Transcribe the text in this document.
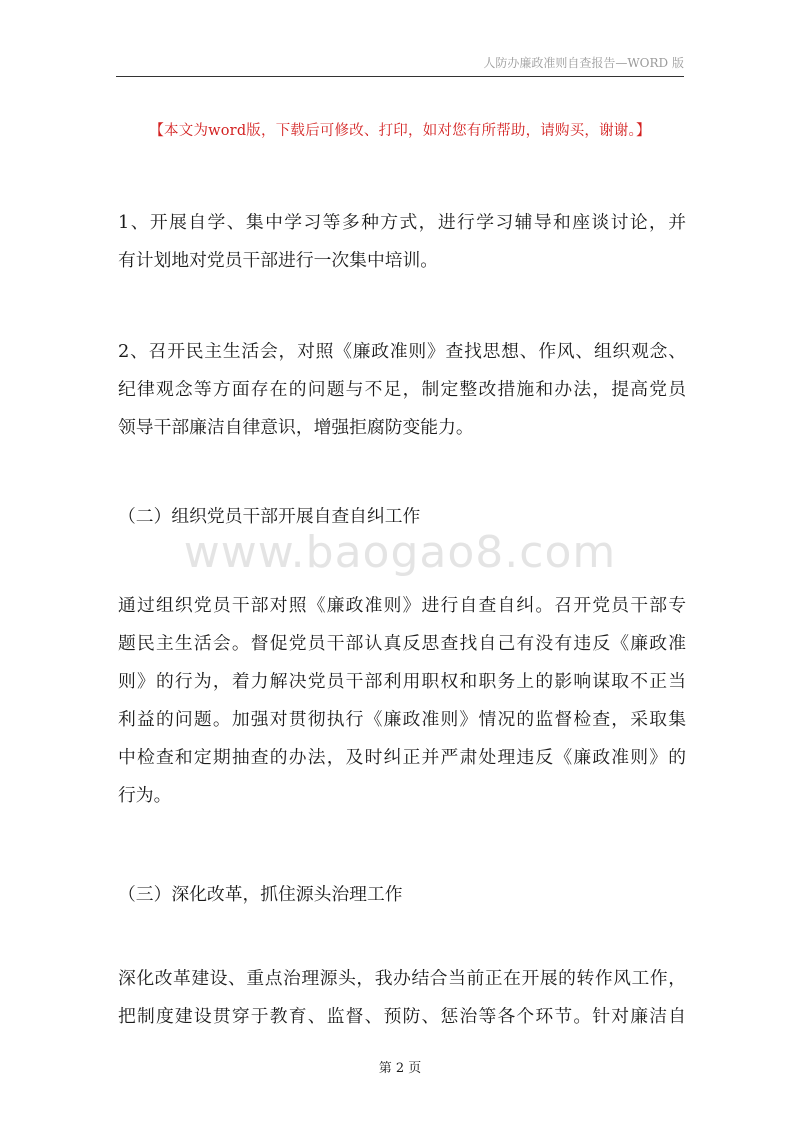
人防办廉政准则自查报告—WORD 版
【本文为word版，下载后可修改、打印，如对您有所帮助，请购买，谢谢。】
1、开展自学、集中学习等多种方式，进行学习辅导和座谈讨论，并
有计划地对党员干部进行一次集中培训。
2、召开民主生活会，对照《廉政准则》查找思想、作风、组织观念、
纪律观念等方面存在的问题与不足，制定整改措施和办法，提高党员
领导干部廉洁自律意识，增强拒腐防变能力。
（二）组织党员干部开展自查自纠工作
www.baogao8.com
通过组织党员干部对照《廉政准则》进行自查自纠。召开党员干部专
题民主生活会。督促党员干部认真反思查找自己有没有违反《廉政准
则》的行为，着力解决党员干部利用职权和职务上的影响谋取不正当
利益的问题。加强对贯彻执行《廉政准则》情况的监督检查，采取集
中检查和定期抽查的办法，及时纠正并严肃处理违反《廉政准则》的
行为。
（三）深化改革，抓住源头治理工作
深化改革建设、重点治理源头，我办结合当前正在开展的转作风工作，
把制度建设贯穿于教育、监督、预防、惩治等各个环节。针对廉洁自
第 2 页
